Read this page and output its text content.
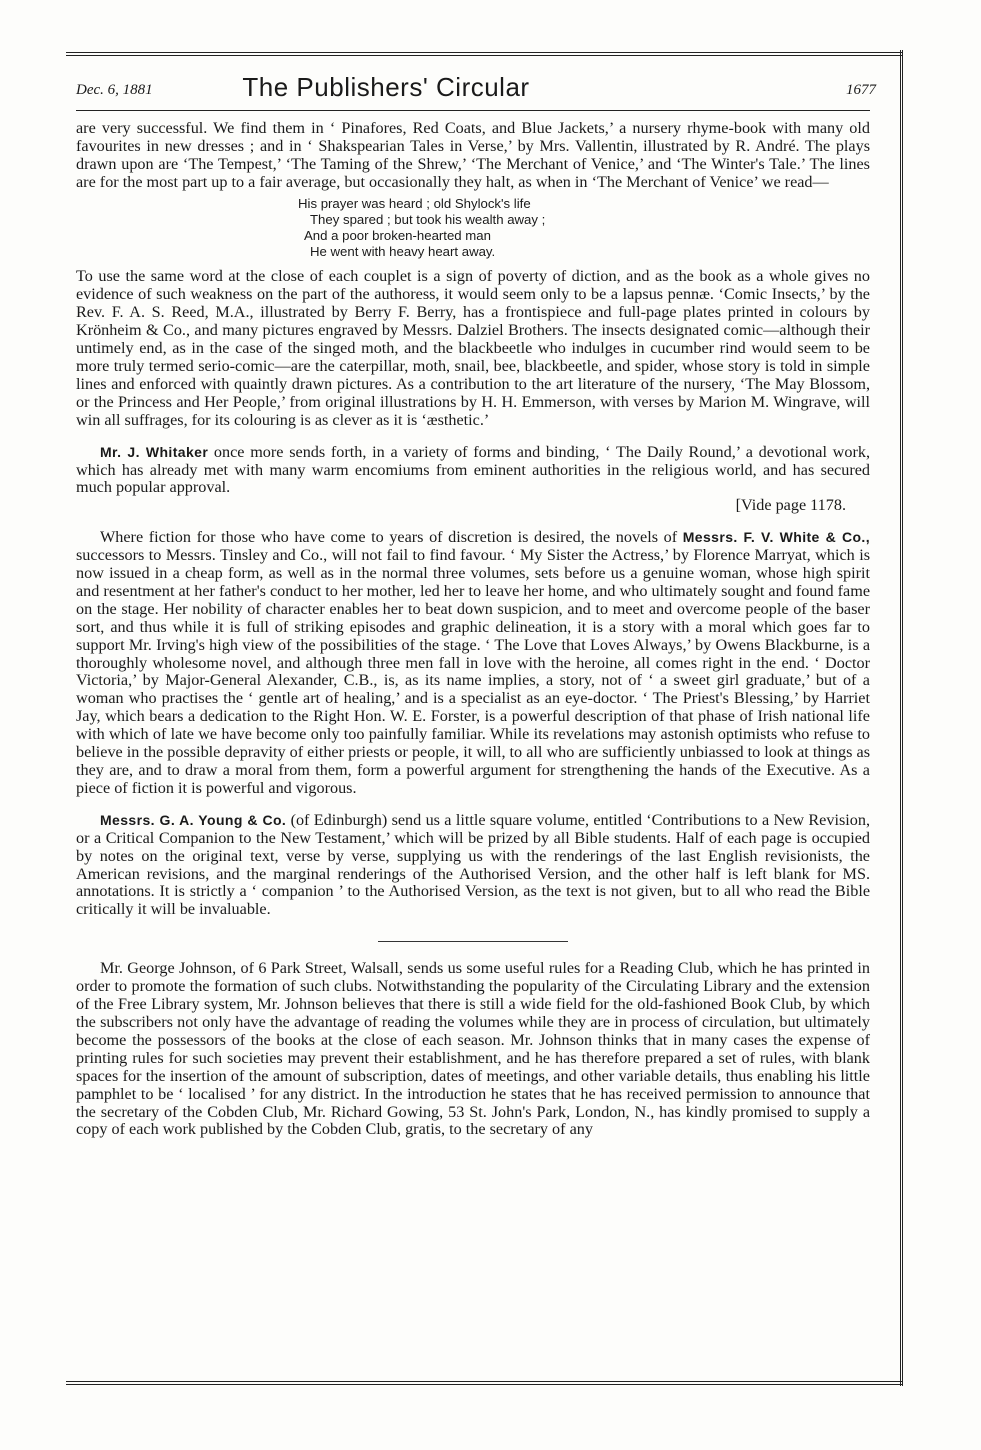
Dec. 6, 1881	The Publishers' Circular	1677

are very successful. We find them in ‘ Pinafores, Red Coats, and Blue Jackets,’ a nursery rhyme-book with many old favourites in new dresses ; and in ‘ Shakspearian Tales in Verse,’ by Mrs. Vallentin, illustrated by R. André. The plays drawn upon are ‘The Tempest,’ ‘The Taming of the Shrew,’ ‘The Merchant of Venice,’ and ‘The Winter's Tale.’ The lines are for the most part up to a fair average, but occasionally they halt, as when in ‘The Merchant of Venice’ we read—

His prayer was heard ; old Shylock's life
They spared ; but took his wealth away ;
And a poor broken-hearted man
He went with heavy heart away.

To use the same word at the close of each couplet is a sign of poverty of diction, and as the book as a whole gives no evidence of such weakness on the part of the authoress, it would seem only to be a lapsus pennæ. ‘Comic Insects,’ by the Rev. F. A. S. Reed, M.A., illustrated by Berry F. Berry, has a frontispiece and full-page plates printed in colours by Krönheim & Co., and many pictures engraved by Messrs. Dalziel Brothers. The insects designated comic—although their untimely end, as in the case of the singed moth, and the blackbeetle who indulges in cucumber rind would seem to be more truly termed serio-comic—are the caterpillar, moth, snail, bee, blackbeetle, and spider, whose story is told in simple lines and enforced with quaintly drawn pictures. As a contribution to the art literature of the nursery, ‘The May Blossom, or the Princess and Her People,’ from original illustrations by H. H. Emmerson, with verses by Marion M. Wingrave, will win all suffrages, for its colouring is as clever as it is ‘æsthetic.’

Mr. J. Whitaker once more sends forth, in a variety of forms and binding, ‘ The Daily Round,’ a devotional work, which has already met with many warm encomiums from eminent authorities in the religious world, and has secured much popular approval.

[Vide page 1178.

Where fiction for those who have come to years of discretion is desired, the novels of Messrs. F. V. White & Co., successors to Messrs. Tinsley and Co., will not fail to find favour. ‘ My Sister the Actress,’ by Florence Marryat, which is now issued in a cheap form, as well as in the normal three volumes, sets before us a genuine woman, whose high spirit and resentment at her father's conduct to her mother, led her to leave her home, and who ultimately sought and found fame on the stage. Her nobility of character enables her to beat down suspicion, and to meet and overcome people of the baser sort, and thus while it is full of striking episodes and graphic delineation, it is a story with a moral which goes far to support Mr. Irving's high view of the possibilities of the stage. ‘ The Love that Loves Always,’ by Owens Blackburne, is a thoroughly wholesome novel, and although three men fall in love with the heroine, all comes right in the end. ‘ Doctor Victoria,’ by Major-General Alexander, C.B., is, as its name implies, a story, not of ‘ a sweet girl graduate,’ but of a woman who practises the ‘ gentle art of healing,’ and is a specialist as an eye-doctor. ‘ The Priest's Blessing,’ by Harriet Jay, which bears a dedication to the Right Hon. W. E. Forster, is a powerful description of that phase of Irish national life with which of late we have become only too painfully familiar. While its revelations may astonish optimists who refuse to believe in the possible depravity of either priests or people, it will, to all who are sufficiently unbiassed to look at things as they are, and to draw a moral from them, form a powerful argument for strengthening the hands of the Executive. As a piece of fiction it is powerful and vigorous.

Messrs. G. A. Young & Co. (of Edinburgh) send us a little square volume, entitled ‘Contributions to a New Revision, or a Critical Companion to the New Testament,’ which will be prized by all Bible students. Half of each page is occupied by notes on the original text, verse by verse, supplying us with the renderings of the last English revisionists, the American revisions, and the marginal renderings of the Authorised Version, and the other half is left blank for MS. annotations. It is strictly a ‘ companion ’ to the Authorised Version, as the text is not given, but to all who read the Bible critically it will be invaluable.

Mr. George Johnson, of 6 Park Street, Walsall, sends us some useful rules for a Reading Club, which he has printed in order to promote the formation of such clubs. Notwithstanding the popularity of the Circulating Library and the extension of the Free Library system, Mr. Johnson believes that there is still a wide field for the old-fashioned Book Club, by which the subscribers not only have the advantage of reading the volumes while they are in process of circulation, but ultimately become the possessors of the books at the close of each season. Mr. Johnson thinks that in many cases the expense of printing rules for such societies may prevent their establishment, and he has therefore prepared a set of rules, with blank spaces for the insertion of the amount of subscription, dates of meetings, and other variable details, thus enabling his little pamphlet to be ‘ localised ’ for any district. In the introduction he states that he has received permission to announce that the secretary of the Cobden Club, Mr. Richard Gowing, 53 St. John's Park, London, N., has kindly promised to supply a copy of each work published by the Cobden Club, gratis, to the secretary of any
